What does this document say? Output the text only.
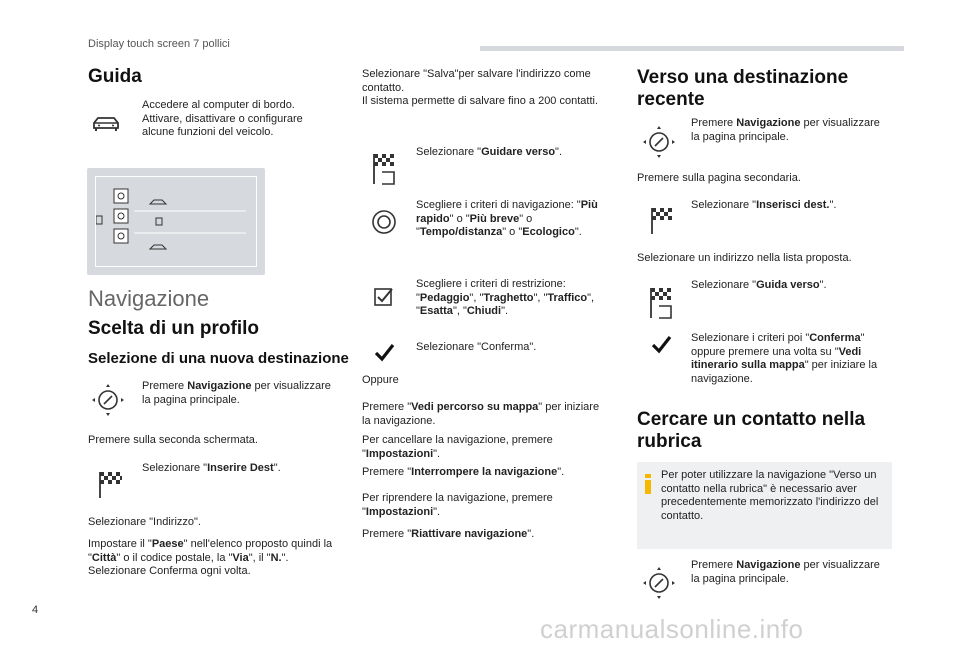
Display touch screen 7 pollici
Guida
Accedere al computer di bordo. Attivare, disattivare o configurare alcune funzioni del veicolo.
Navigazione
Scelta di un profilo
Selezione di una nuova destinazione
Premere Navigazione per visualizzare la pagina principale.
Premere sulla seconda schermata.
Selezionare "Inserire Dest".
Selezionare "Indirizzo".
Impostare il "Paese" nell'elenco proposto quindi la "Città" o il codice postale, la "Via", il "N.".
Selezionare Conferma ogni volta.
Selezionare "Salva"per salvare l'indirizzo come contatto.
Il sistema permette di salvare fino a 200 contatti.
Selezionare "Guidare verso".
Scegliere i criteri di navigazione: "Più rapido" o "Più breve" o "Tempo/distanza" o "Ecologico".
Scegliere i criteri di restrizione: "Pedaggio", "Traghetto", "Traffico", "Esatta", "Chiudi".
Selezionare "Conferma".
Oppure
Premere "Vedi percorso su mappa" per iniziare la navigazione.
Per cancellare la navigazione, premere "Impostazioni".
Premere "Interrompere la navigazione".
Per riprendere la navigazione, premere "Impostazioni".
Premere "Riattivare navigazione".
Verso una destinazione recente
Premere Navigazione per visualizzare la pagina principale.
Premere sulla pagina secondaria.
Selezionare "Inserisci dest.".
Selezionare un indirizzo nella lista proposta.
Selezionare "Guida verso".
Selezionare i criteri poi "Conferma" oppure premere una volta su "Vedi itinerario sulla mappa" per iniziare la navigazione.
Cercare un contatto nella rubrica
Per poter utilizzare la navigazione "Verso un contatto nella rubrica" è necessario aver precedentemente memorizzato l'indirizzo del contatto.
Premere Navigazione per visualizzare la pagina principale.
4
carmanualsonline.info
